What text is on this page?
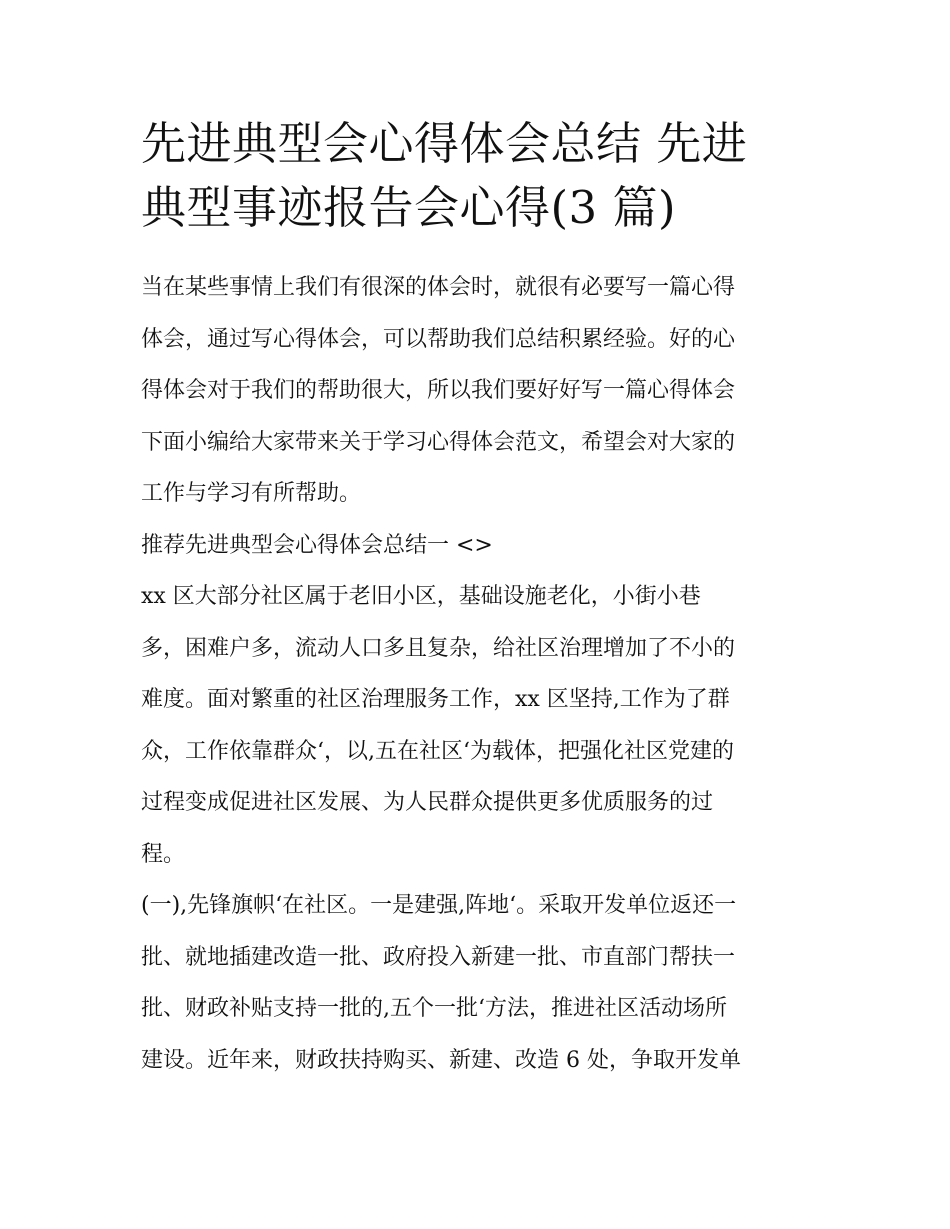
先进典型会心得体会总结 先进
典型事迹报告会心得(3 篇)
当在某些事情上我们有很深的体会时，就很有必要写一篇心得
体会，通过写心得体会，可以帮助我们总结积累经验。好的心
得体会对于我们的帮助很大，所以我们要好好写一篇心得体会
下面小编给大家带来关于学习心得体会范文，希望会对大家的
工作与学习有所帮助。
推荐先进典型会心得体会总结一 <>
xx 区大部分社区属于老旧小区，基础设施老化，小街小巷
多，困难户多，流动人口多且复杂，给社区治理增加了不小的
难度。面对繁重的社区治理服务工作，xx 区坚持,工作为了群
众，工作依靠群众‘，以,五在社区‘为载体，把强化社区党建的
过程变成促进社区发展、为人民群众提供更多优质服务的过
程。
(一),先锋旗帜‘在社区。一是建强,阵地‘。采取开发单位返还一
批、就地插建改造一批、政府投入新建一批、市直部门帮扶一
批、财政补贴支持一批的,五个一批‘方法，推进社区活动场所
建设。近年来，财政扶持购买、新建、改造 6 处，争取开发单
